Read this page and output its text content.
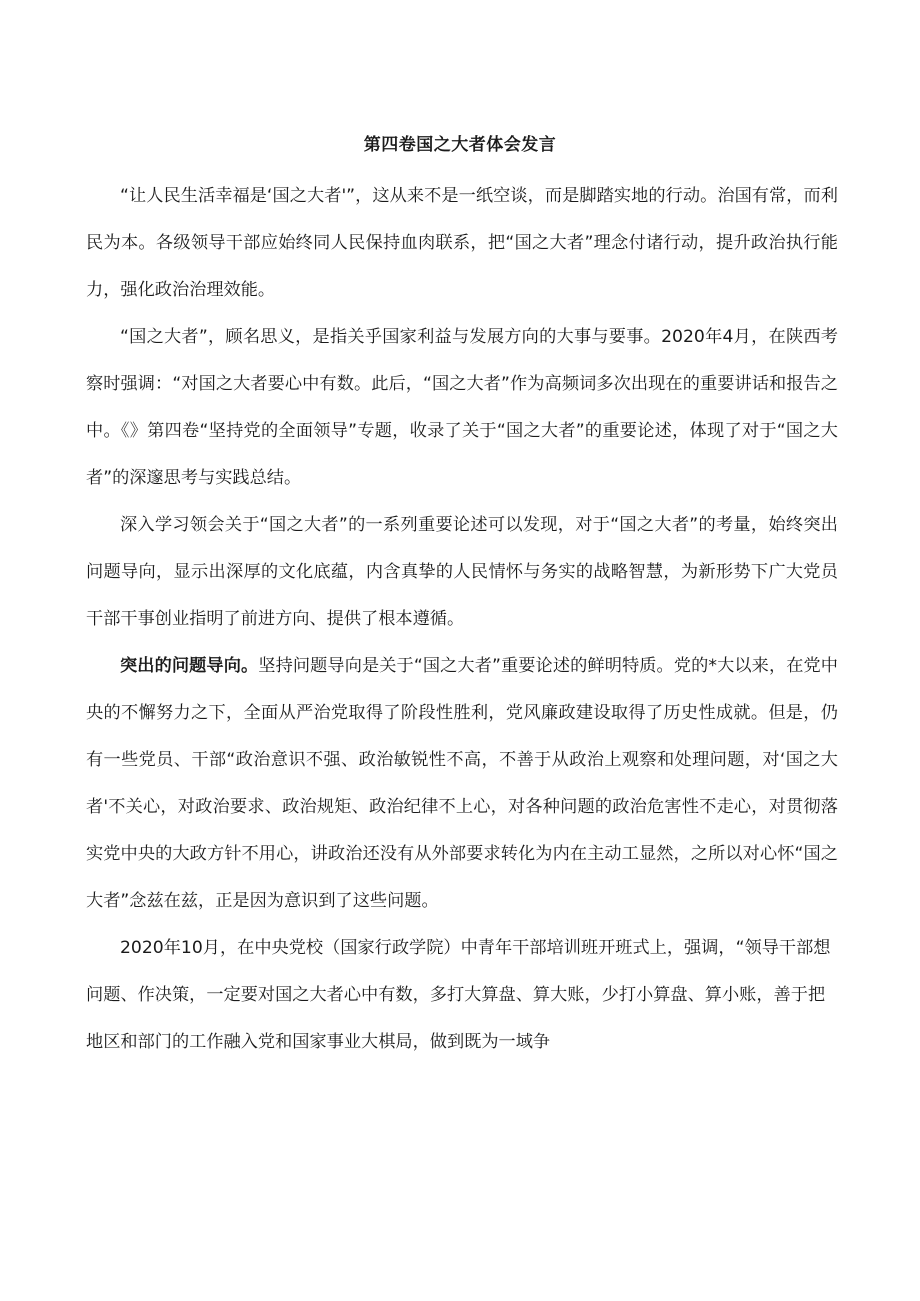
第四卷国之大者体会发言

“让人民生活幸福是‘国之大者'”，这从来不是一纸空谈，而是脚踏实地的行动。治国有常，而利民为本。各级领导干部应始终同人民保持血肉联系，把“国之大者”理念付诸行动，提升政治执行能力，强化政治治理效能。

“国之大者”，顾名思义，是指关乎国家利益与发展方向的大事与要事。2020年4月，在陕西考察时强调：“对国之大者要心中有数。此后，“国之大者”作为高频词多次出现在的重要讲话和报告之中。《》第四卷“坚持党的全面领导”专题，收录了关于“国之大者”的重要论述，体现了对于“国之大者”的深邃思考与实践总结。

深入学习领会关于“国之大者”的一系列重要论述可以发现，对于“国之大者”的考量，始终突出问题导向，显示出深厚的文化底蕴，内含真挚的人民情怀与务实的战略智慧，为新形势下广大党员干部干事创业指明了前进方向、提供了根本遵循。

突出的问题导向。坚持问题导向是关于“国之大者”重要论述的鲜明特质。党的*大以来，在党中央的不懈努力之下，全面从严治党取得了阶段性胜利，党风廉政建设取得了历史性成就。但是，仍有一些党员、干部“政治意识不强、政治敏锐性不高，不善于从政治上观察和处理问题，对‘国之大者'不关心，对政治要求、政治规矩、政治纪律不上心，对各种问题的政治危害性不走心，对贯彻落实党中央的大政方针不用心，讲政治还没有从外部要求转化为内在主动工显然，之所以对心怀“国之大者”念兹在兹，正是因为意识到了这些问题。

2020年10月，在中央党校（国家行政学院）中青年干部培训班开班式上，强调，“领导干部想问题、作决策，一定要对国之大者心中有数，多打大算盘、算大账，少打小算盘、算小账，善于把地区和部门的工作融入党和国家事业大棋局，做到既为一域争
